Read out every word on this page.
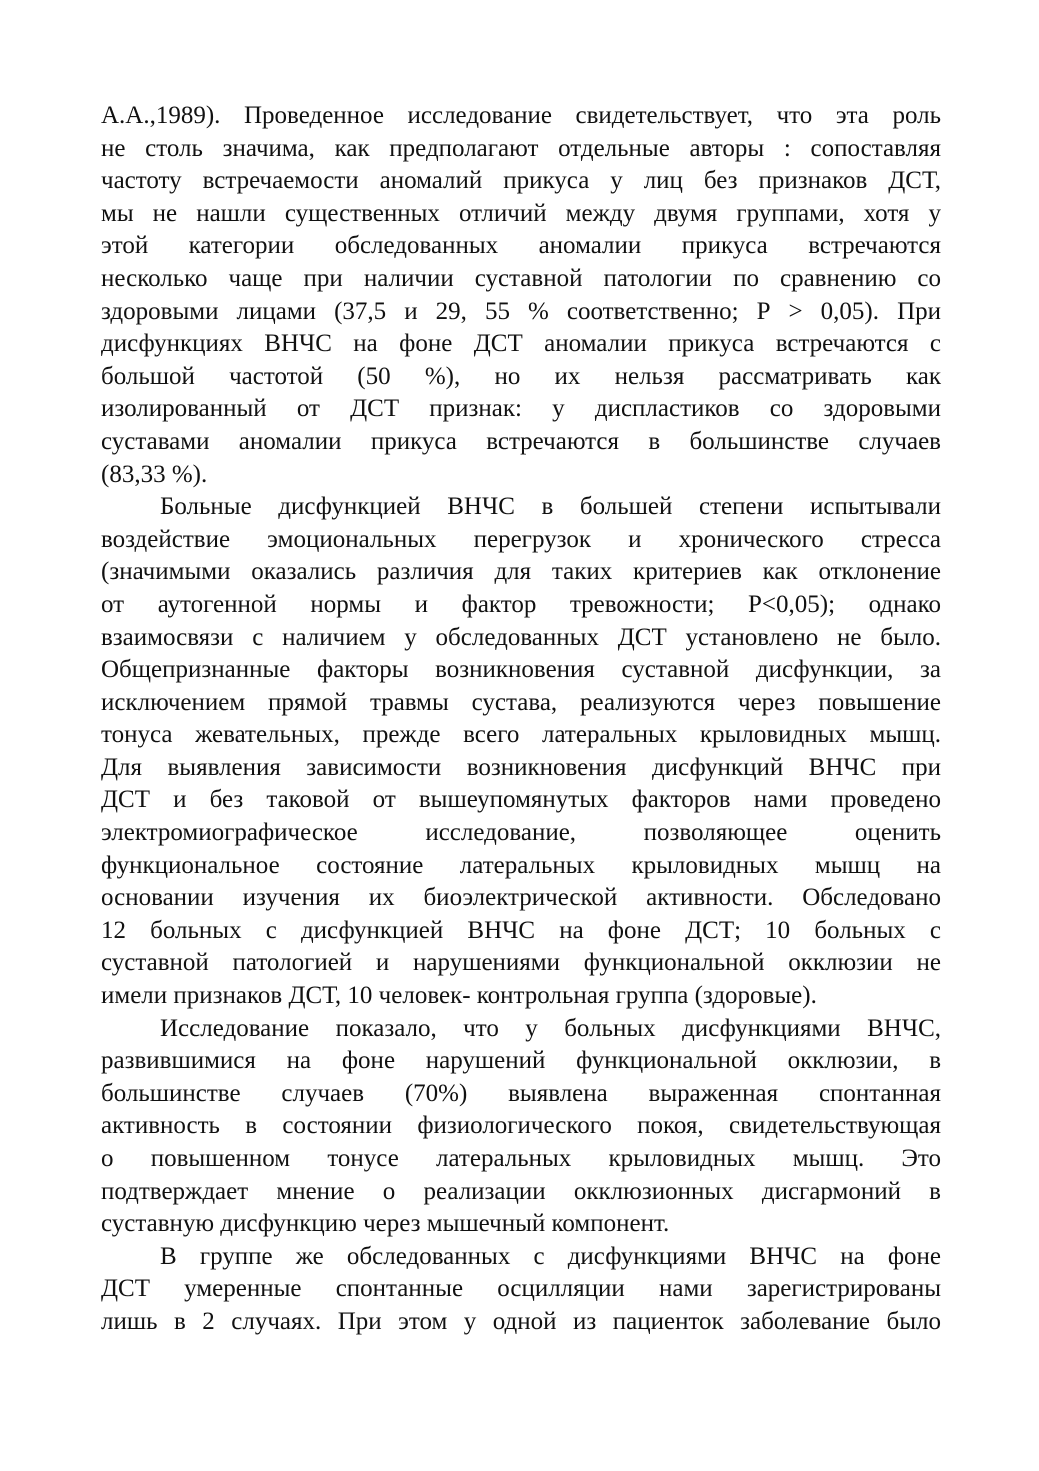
А.А.,1989). Проведенное исследование свидетельствует, что эта роль
не столь значима, как предполагают отдельные авторы : сопоставляя
частоту встречаемости аномалий прикуса у лиц без признаков ДСТ,
мы не нашли существенных отличий между двумя группами, хотя у
этой категории обследованных аномалии прикуса встречаются
несколько чаще при наличии суставной патологии по сравнению со
здоровыми лицами (37,5 и 29, 55 % соответственно; Р > 0,05). При
дисфункциях ВНЧС на фоне ДСТ аномалии прикуса встречаются с
большой частотой (50 %), но их нельзя рассматривать как
изолированный от ДСТ признак: у диспластиков со здоровыми
суставами аномалии прикуса встречаются в большинстве случаев
(83,33 %).
Больные дисфункцией ВНЧС в большей степени испытывали
воздействие эмоциональных перегрузок и хронического стресса
(значимыми оказались различия для таких критериев как отклонение
от аутогенной нормы и фактор тревожности; Р<0,05); однако
взаимосвязи с наличием у обследованных ДСТ установлено не было.
Общепризнанные факторы возникновения суставной дисфункции, за
исключением прямой травмы сустава, реализуются через повышение
тонуса жевательных, прежде всего латеральных крыловидных мышц.
Для выявления зависимости возникновения дисфункций ВНЧС при
ДСТ и без таковой от вышеупомянутых факторов нами проведено
электромиографическое исследование, позволяющее оценить
функциональное состояние латеральных крыловидных мышц на
основании изучения их биоэлектрической активности. Обследовано
12 больных с дисфункцией ВНЧС на фоне ДСТ; 10 больных с
суставной патологией и нарушениями функциональной окклюзии не
имели признаков ДСТ, 10 человек- контрольная группа (здоровые).
Исследование показало, что у больных дисфункциями ВНЧС,
развившимися на фоне нарушений функциональной окклюзии, в
большинстве случаев (70%) выявлена выраженная спонтанная
активность в состоянии физиологического покоя, свидетельствующая
о повышенном тонусе латеральных крыловидных мышц. Это
подтверждает мнение о реализации окклюзионных дисгармоний в
суставную дисфункцию через мышечный компонент.
В группе же обследованных с дисфункциями ВНЧС на фоне
ДСТ умеренные спонтанные осцилляции нами зарегистрированы
лишь в 2 случаях. При этом у одной из пациенток заболевание было
